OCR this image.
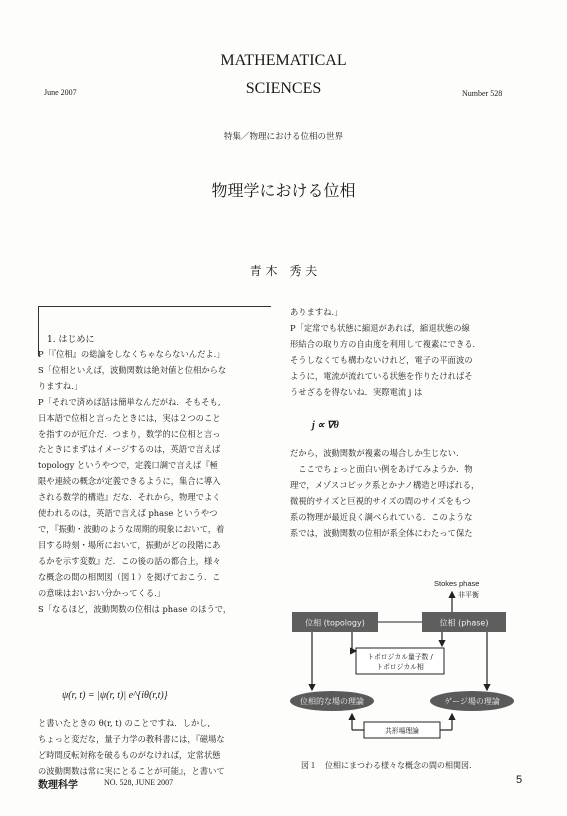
MATHEMATICAL
SCIENCES
June 2007	Number 528
特集／物理における位相の世界
物理学における位相
青 木　秀 夫
1. はじめに

P「『位相』の総論をしなくちゃならないんだよ.」

S「位相といえば，波動関数は絶対値と位相からな

りますね.」

P「それで済めば話は簡単なんだがね．そもそも,

日本語で位相と言ったときには，実は２つのこと

を指すのが厄介だ．つまり，数学的に位相と言っ

たときにまずはイメージするのは，英語で言えば

topology というやつで，定義口調で言えば『極

限や連続の概念が定義できるように，集合に導入

される数学的構造』だな．それから，物理でよく

使われるのは，英語で言えば phase というやつ

で，『振動・波動のような周期的現象において，着

目する時刻・場所において，振動がどの段階にあ

るかを示す変数』だ．この後の話の都合上，様々

な概念の間の相関図（図１）を掲げておこう．こ

の意味はおいおい分かってくる.」

S「なるほど，波動関数の位相は phase のほうで，

ψ(r, t) = |ψ(r, t)| e^{iθ(r,t)}

と書いたときの θ(r, t) のことですね．しかし,

ちょっと変だな，量子力学の教科書には，『磁場な

ど時間反転対称を破るものがなければ，定常状態

の波動関数は常に実にとることが可能』，と書いて

ありますね.」

P「定常でも状態に縮退があれば，縮退状態の線

形結合の取り方の自由度を利用して複素にできる．

そうしなくても構わないけれど，電子の平面波の

ように，電流が流れている状態を作りたければそ

うせざるを得ないね．実際電流 j は

j ∝ ∇θ

だから，波動関数が複素の場合しか生じない．

　ここでちょっと面白い例をあげてみようか．物

理で，メゾスコピック系とかナノ構造と呼ばれる，

微視的サイズと巨視的サイズの間のサイズをもつ

系の物理が最近良く調べられている．このような

系では，波動関数の位相が系全体にわたって保た

Stokes phase
非平衡
位相 (topology)	位相 (phase)
トポロジカル量子数 /
トポロジカル相
位相的な場の理論	ゲージ場の理論
共形場理論
図１　位相にまつわる様々な概念の間の相関図.
数理科学	NO. 528, JUNE 2007	5
